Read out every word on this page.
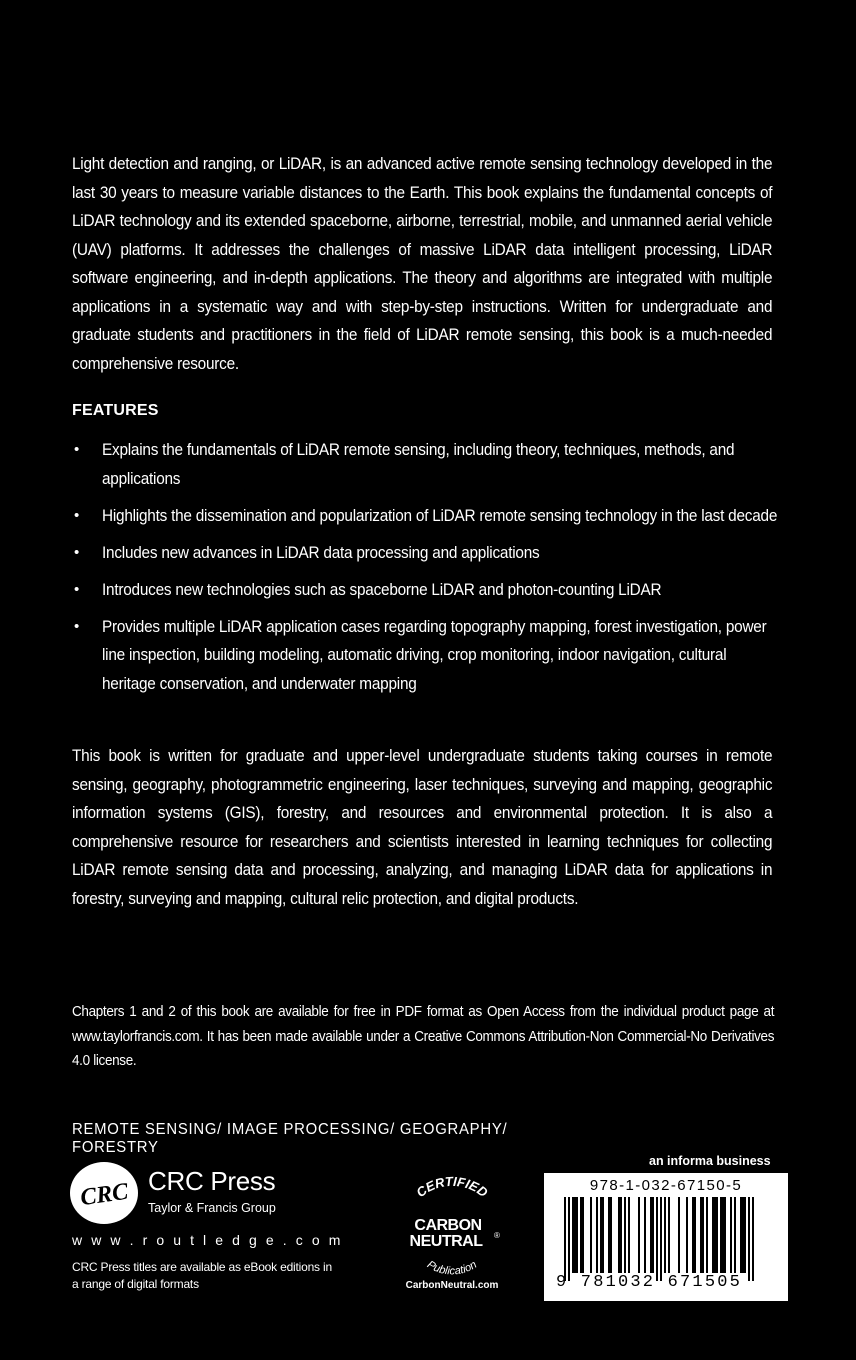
Light detection and ranging, or LiDAR, is an advanced active remote sensing technology developed in the last 30 years to measure variable distances to the Earth. This book explains the fundamental concepts of LiDAR technology and its extended spaceborne, airborne, terrestrial, mobile, and unmanned aerial vehicle (UAV) platforms. It addresses the challenges of massive LiDAR data intelligent processing, LiDAR software engineering, and in-depth applications. The theory and algorithms are integrated with multiple applications in a systematic way and with step-by-step instructions. Written for undergraduate and graduate students and practitioners in the field of LiDAR remote sensing, this book is a much-needed comprehensive resource.
FEATURES
• Explains the fundamentals of LiDAR remote sensing, including theory, techniques, methods, and applications
• Highlights the dissemination and popularization of LiDAR remote sensing technology in the last decade
• Includes new advances in LiDAR data processing and applications
• Introduces new technologies such as spaceborne LiDAR and photon-counting LiDAR
• Provides multiple LiDAR application cases regarding topography mapping, forest investigation, power line inspection, building modeling, automatic driving, crop monitoring, indoor navigation, cultural heritage conservation, and underwater mapping
This book is written for graduate and upper-level undergraduate students taking courses in remote sensing, geography, photogrammetric engineering, laser techniques, surveying and mapping, geographic information systems (GIS), forestry, and resources and environmental protection. It is also a comprehensive resource for researchers and scientists interested in learning techniques for collecting LiDAR remote sensing data and processing, analyzing, and managing LiDAR data for applications in forestry, surveying and mapping, cultural relic protection, and digital products.
Chapters 1 and 2 of this book are available for free in PDF format as Open Access from the individual product page at www.taylorfrancis.com. It has been made available under a Creative Commons Attribution-Non Commercial-No Derivatives 4.0 license.
REMOTE SENSING/ IMAGE PROCESSING/ GEOGRAPHY/ FORESTRY
CRC CRC Press
Taylor & Francis Group
w w w . r o u t l e d g e . c o m
CRC Press titles are available as eBook editions in a range of digital formats
CERTIFIED
CARBON
NEUTRAL ®
Publication
CarbonNeutral.com
an informa business
978-1-032-67150-5
9 781032 671505
